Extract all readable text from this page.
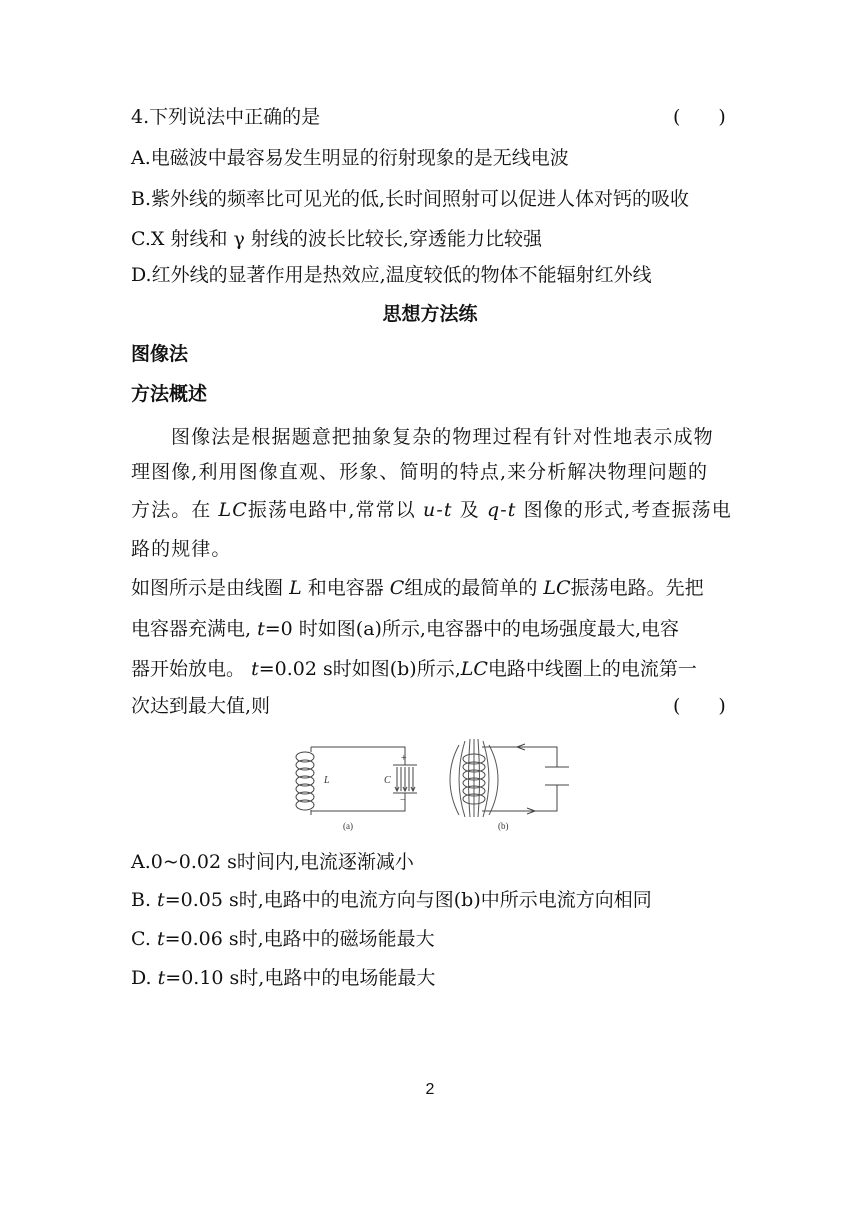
4.下列说法中正确的是	(　　)
A.电磁波中最容易发生明显的衍射现象的是无线电波
B.紫外线的频率比可见光的低,长时间照射可以促进人体对钙的吸收
C.X 射线和 γ 射线的波长比较长,穿透能力比较强
D.红外线的显著作用是热效应,温度较低的物体不能辐射红外线
思想方法练
图像法
方法概述
图像法是根据题意把抽象复杂的物理过程有针对性地表示成物
理图像,利用图像直观、形象、简明的特点,来分析解决物理问题的
方法。在 LC振荡电路中,常常以 u-t 及 q-t 图像的形式,考查振荡电
路的规律。
如图所示是由线圈 L 和电容器 C组成的最简单的 LC振荡电路。先把
电容器充满电, t=0 时如图(a)所示,电容器中的电场强度最大,电容
器开始放电。 t=0.02 s时如图(b)所示,LC电路中线圈上的电流第一
次达到最大值,则	(　　)
L	C
+
−
(a)	(b)
A.0~0.02 s时间内,电流逐渐减小
B. t=0.05 s时,电路中的电流方向与图(b)中所示电流方向相同
C. t=0.06 s时,电路中的磁场能最大
D. t=0.10 s时,电路中的电场能最大
2
